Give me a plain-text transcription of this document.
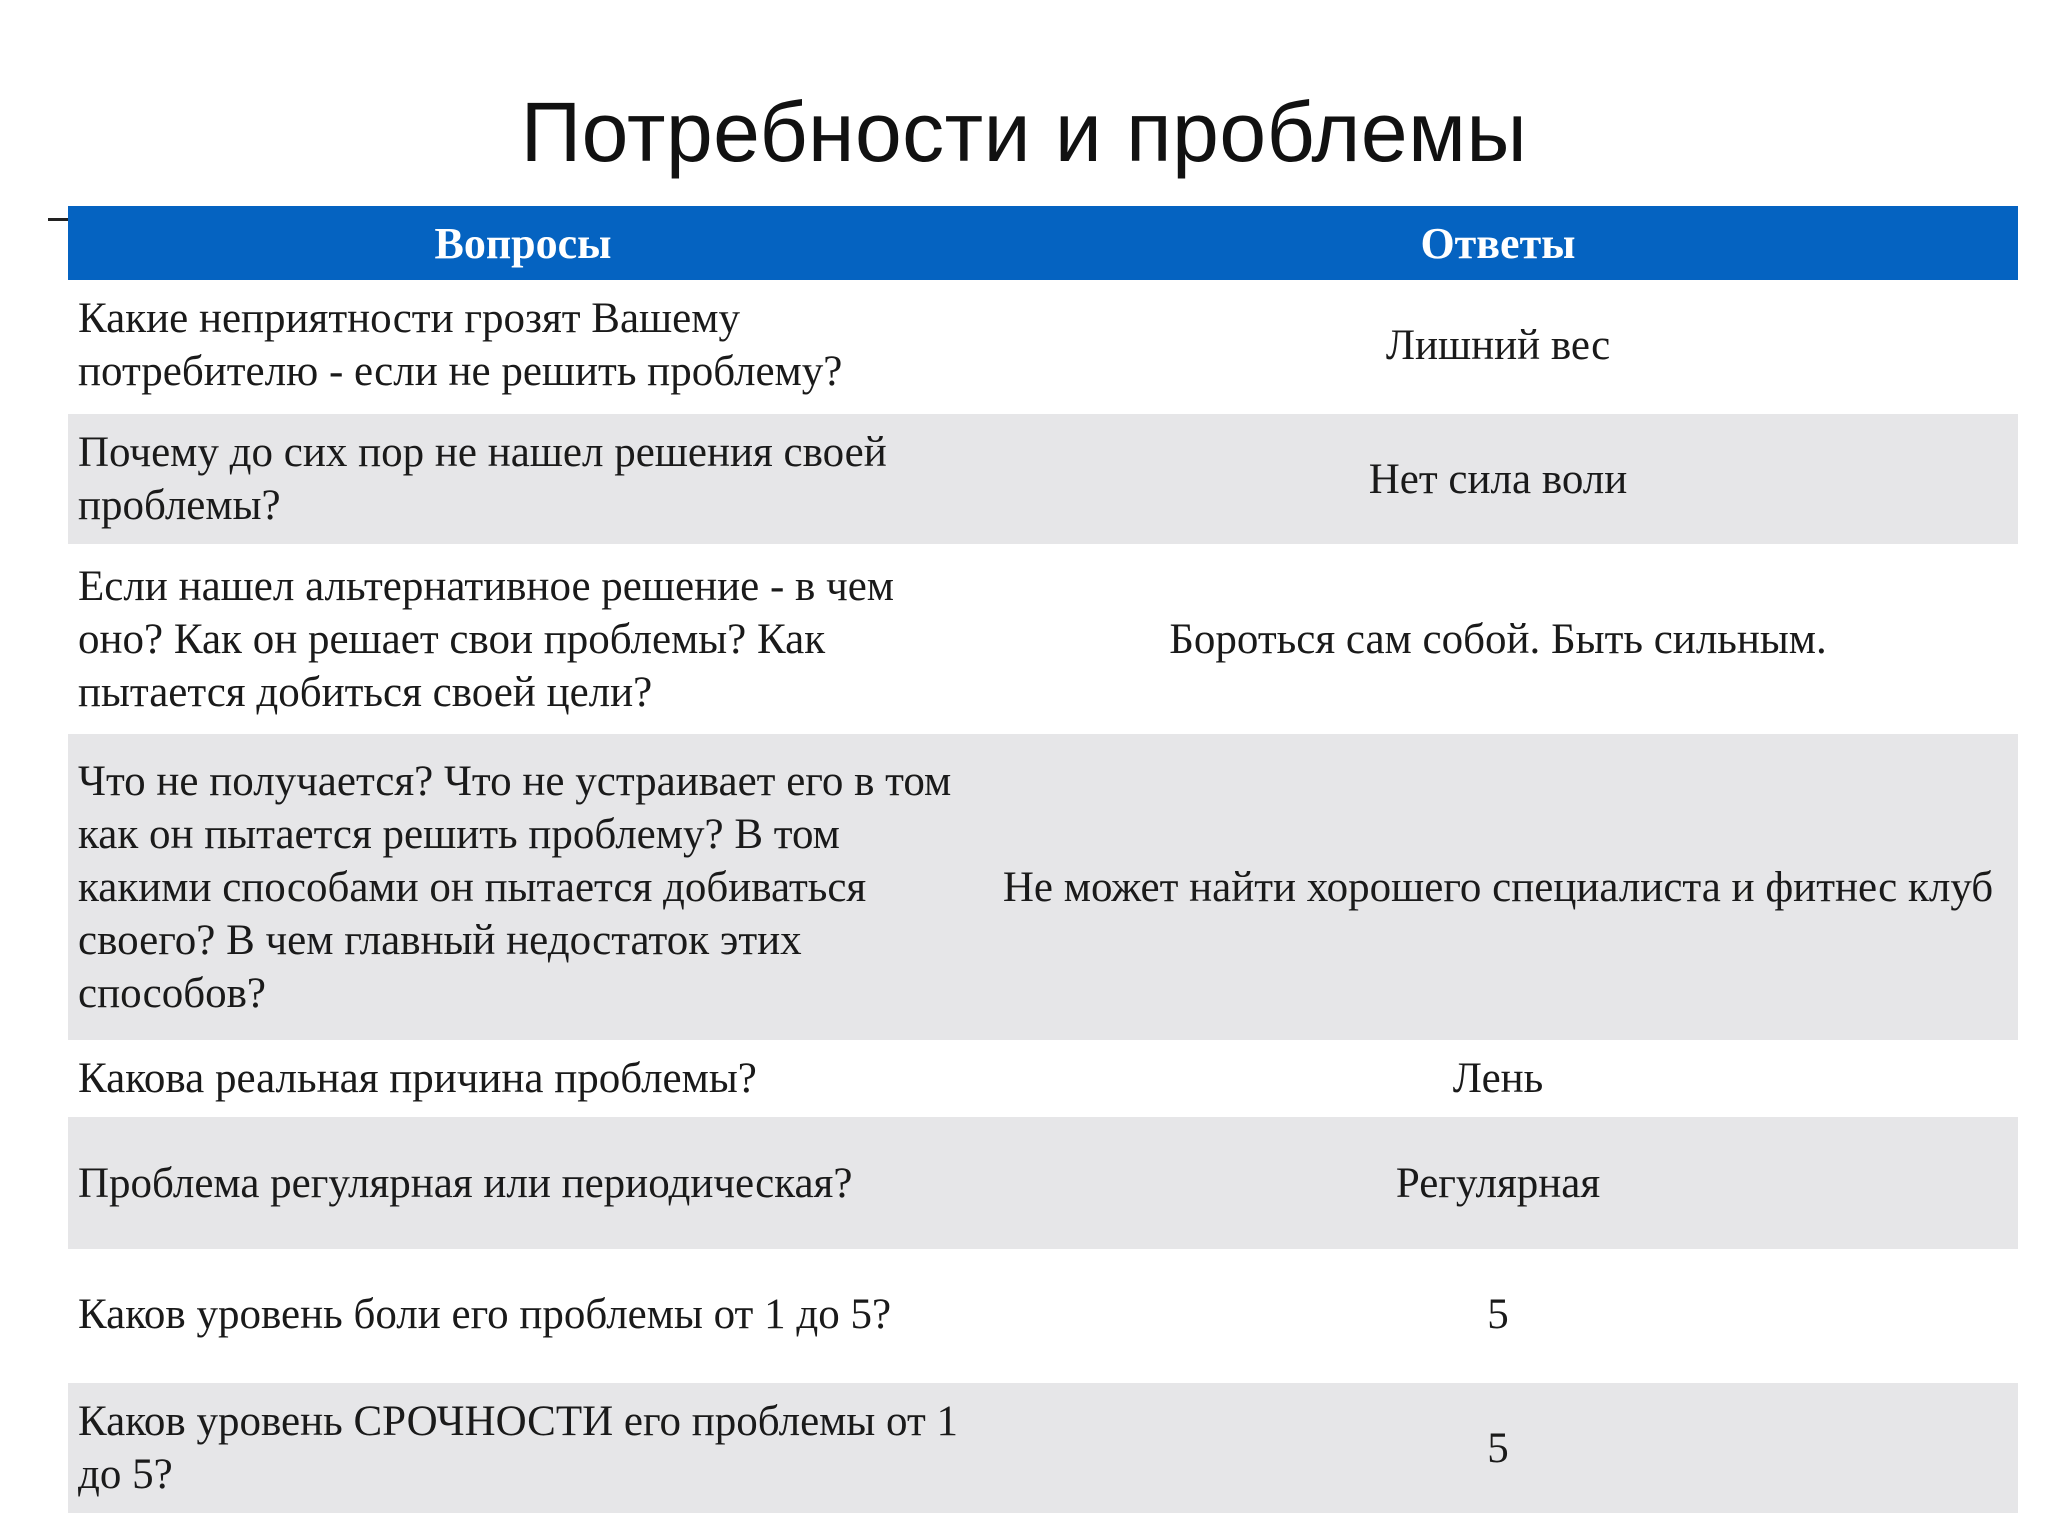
Потребности и проблемы
Вопросы	Ответы
Какие неприятности грозят Вашему потребителю - если не решить проблему?	Лишний вес
Почему до сих пор не нашел решения своей проблемы?	Нет сила воли
Если нашел альтернативное решение - в чем оно? Как он решает свои проблемы? Как пытается добиться своей цели?	Бороться сам собой. Быть сильным.
Что не получается? Что не устраивает его в том как он пытается решить проблему? В том какими способами он пытается добиваться своего? В чем главный недостаток этих способов?	Не может найти хорошего специалиста и фитнес клуб
Какова реальная причина проблемы?	Лень
Проблема регулярная или периодическая?	Регулярная
Каков уровень боли его проблемы от 1 до 5?	5
Каков уровень СРОЧНОСТИ его проблемы от 1 до 5?	5
